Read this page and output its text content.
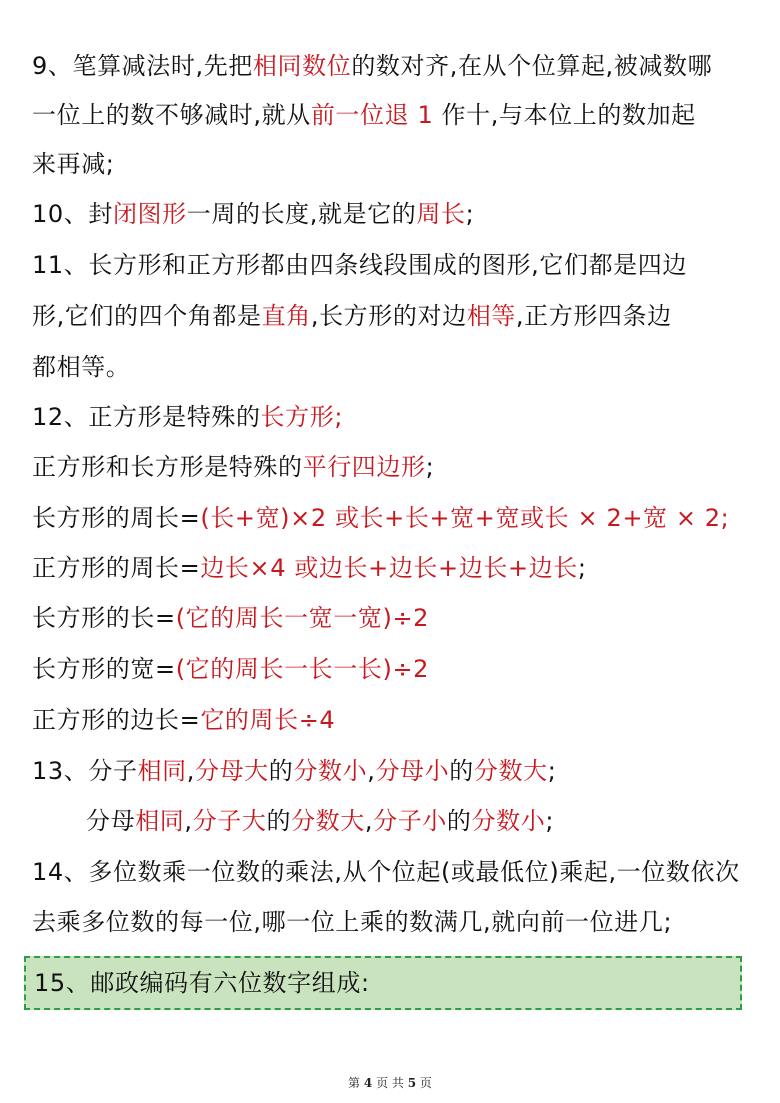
9、笔算减法时,先把相同数位的数对齐,在从个位算起,被减数哪
一位上的数不够减时,就从前一位退 1 作十,与本位上的数加起
来再减;
10、封闭图形一周的长度,就是它的周长;
11、长方形和正方形都由四条线段围成的图形,它们都是四边
形,它们的四个角都是直角,长方形的对边相等,正方形四条边
都相等。
12、正方形是特殊的长方形;
正方形和长方形是特殊的平行四边形;
长方形的周长=(长+宽)×2 或长+长+宽+宽或长 × 2+宽 × 2;
正方形的周长=边长×4 或边长+边长+边长+边长;
长方形的长=(它的周长一宽一宽)÷2
长方形的宽=(它的周长一长一长)÷2
正方形的边长=它的周长÷4
13、分子相同,分母大的分数小,分母小的分数大;
分母相同,分子大的分数大,分子小的分数小;
14、多位数乘一位数的乘法,从个位起(或最低位)乘起,一位数依次
去乘多位数的每一位,哪一位上乘的数满几,就向前一位进几;
15、邮政编码有六位数字组成:
第 4 页 共 5 页
